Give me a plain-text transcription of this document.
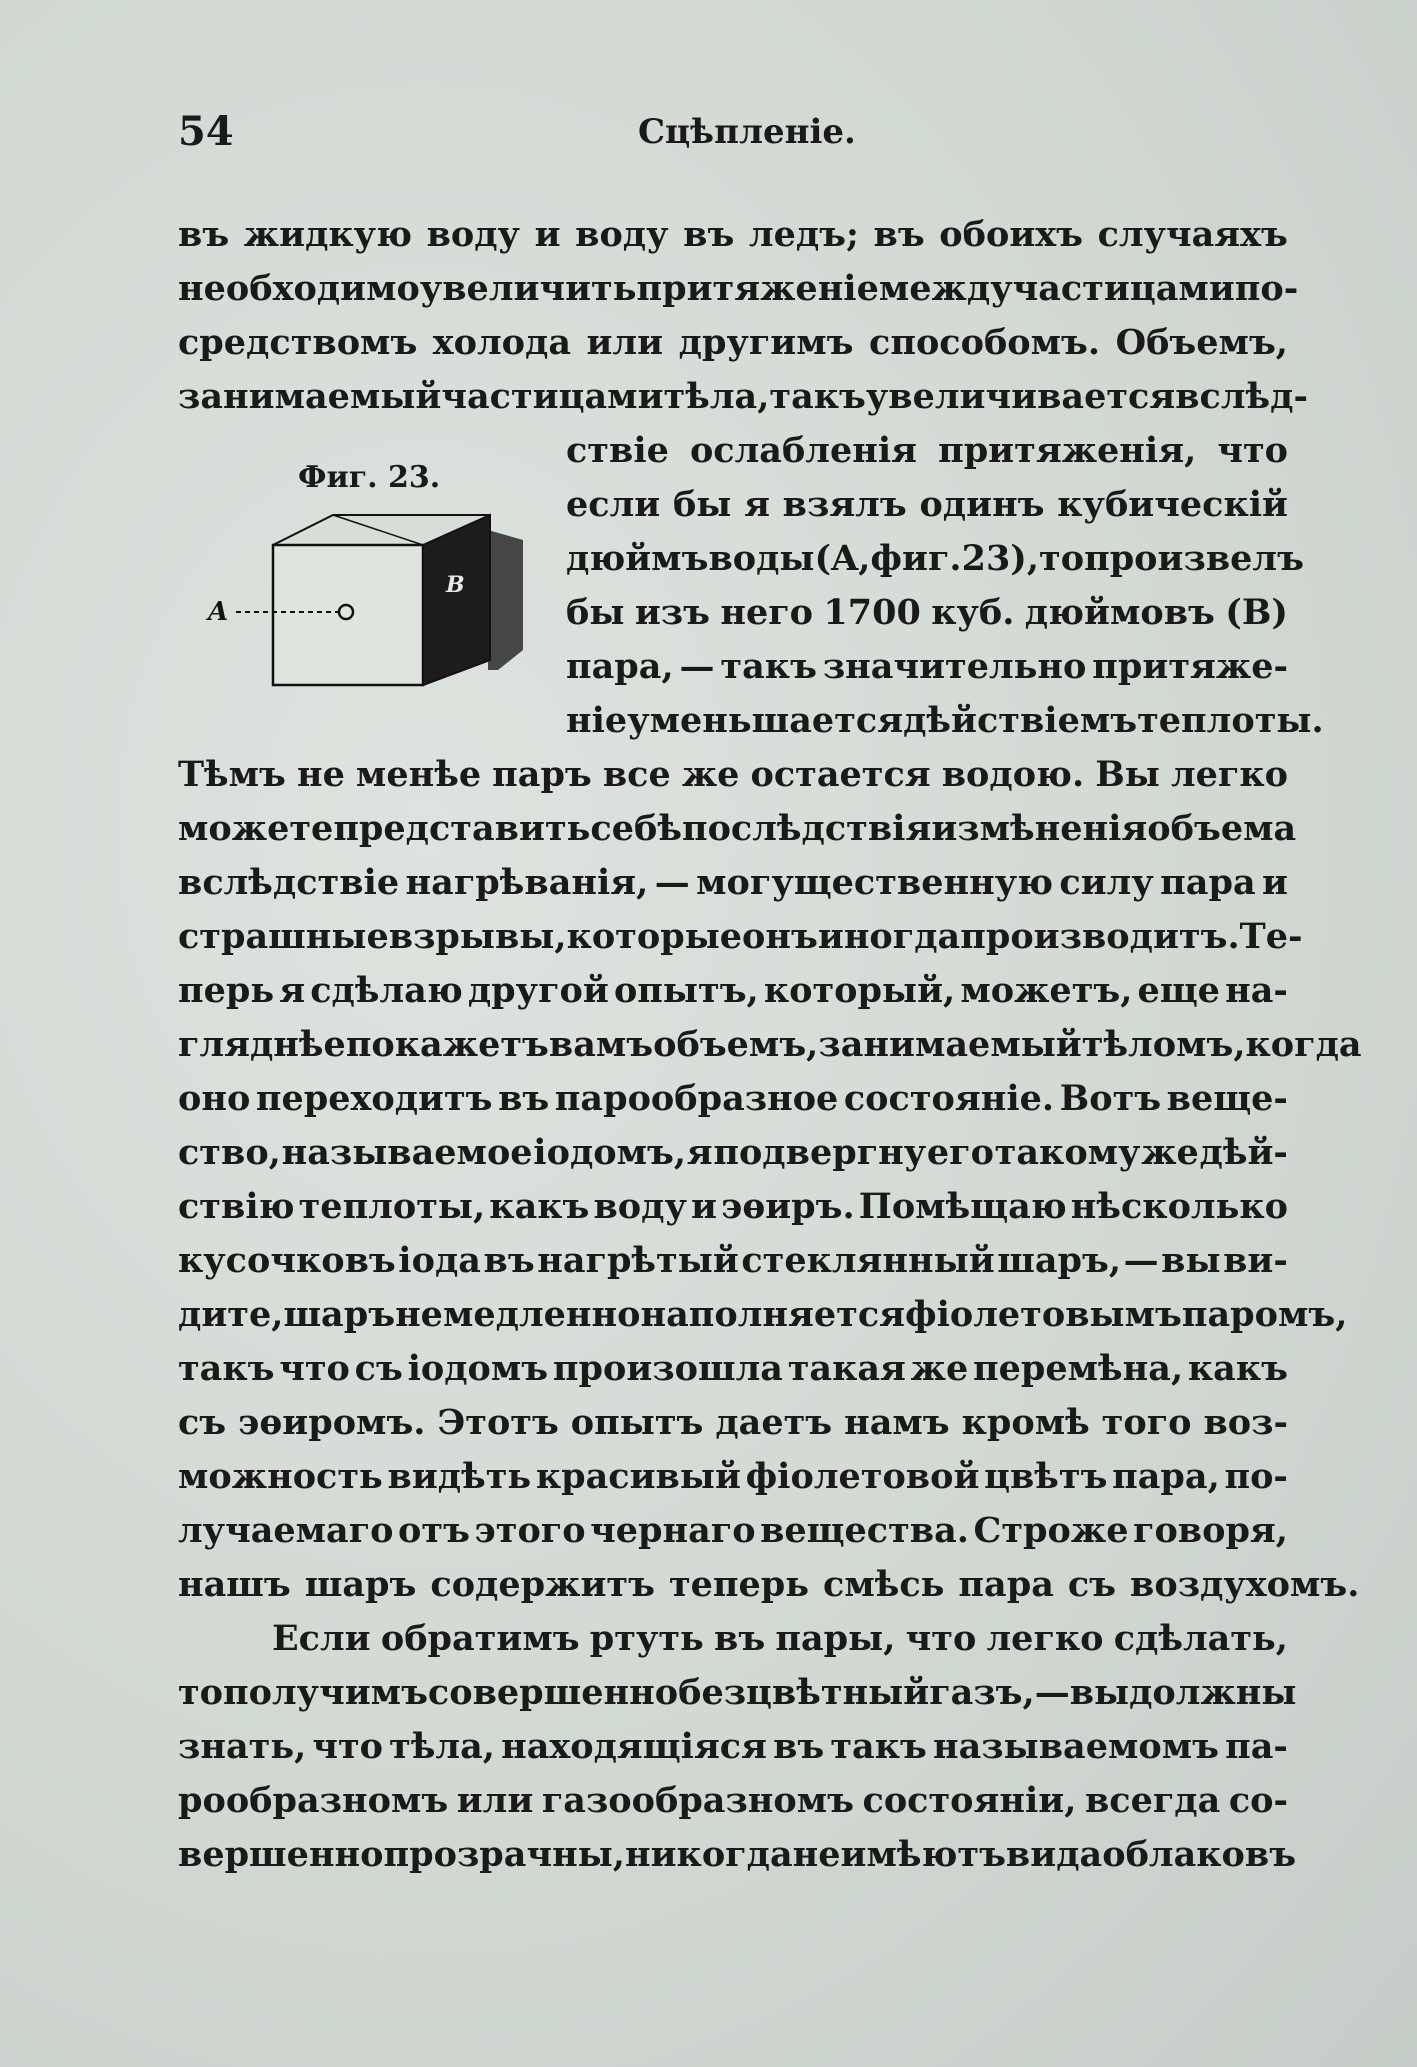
54	Сцѣпленіе.
Фиг. 23.
A
B
въ жидкую воду и воду въ ледъ; въ обоихъ случаяхъ
необходимо увеличить притяженіе между частицами по-
средствомъ холода или другимъ способомъ. Объемъ,
занимаемый частицами тѣла, такъ увеличивается вслѣд-
ствіе ослабленія притяженія, что
если бы я взялъ одинъ кубическій
дюймъ воды (A, фиг. 23), то произвелъ
бы изъ него 1700 куб. дюймовъ (B)
пара, — такъ значительно притяже-
ніе уменьшается дѣйствіемъ теплоты.
Тѣмъ не менѣе паръ все же остается водою. Вы легко
можете представить себѣ послѣдствія измѣненія объема
вслѣдствіе нагрѣванія, — могущественную силу пара и
страшные взрывы, которые онъ иногда производитъ. Те-
перь я сдѣлаю другой опытъ, который, можетъ, еще на-
гляднѣе покажетъ вамъ объемъ, занимаемый тѣломъ, когда
оно переходитъ въ парообразное состояніе. Вотъ веще-
ство, называемое іодомъ, я подвергну его такому же дѣй-
ствію теплоты, какъ воду и эѳиръ. Помѣщаю нѣсколько
кусочковъ іода въ нагрѣтый стеклянный шаръ, — вы ви-
дите, шаръ немедленно наполняется фіолетовымъ паромъ,
такъ что съ іодомъ произошла такая же перемѣна, какъ
съ эѳиромъ. Этотъ опытъ даетъ намъ кромѣ того воз-
можность видѣть красивый фіолетовой цвѣтъ пара, по-
лучаемаго отъ этого чернаго вещества. Строже говоря,
нашъ шаръ содержитъ теперь смѣсь пара съ воздухомъ.
Если обратимъ ртуть въ пары, что легко сдѣлать,
то получимъ совершенно безцвѣтный газъ, — вы должны
знать, что тѣла, находящіяся въ такъ называемомъ па-
рообразномъ или газообразномъ состояніи, всегда со-
вершенно прозрачны, никогда не имѣютъ вида облаковъ
